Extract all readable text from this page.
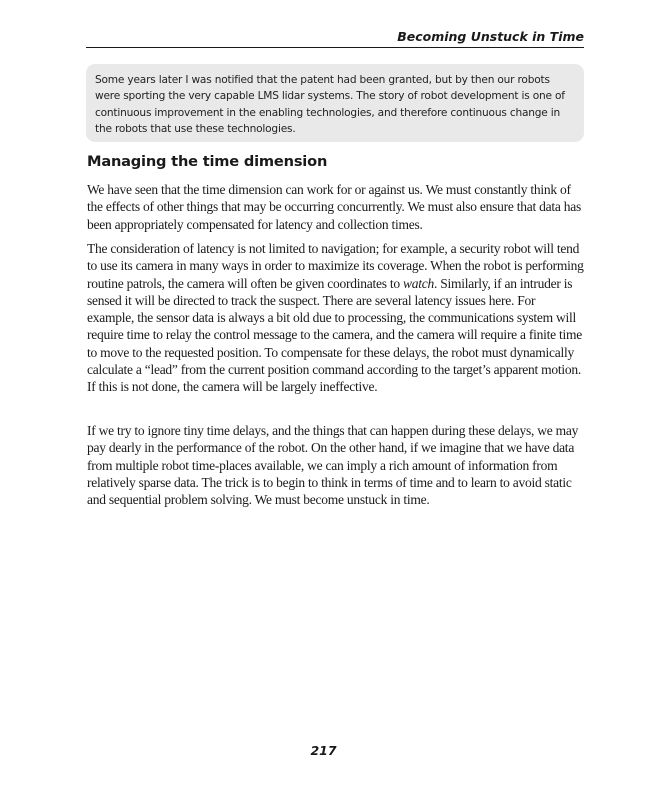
Becoming Unstuck in Time
Some years later I was notified that the patent had been granted, but by then our robots were sporting the very capable LMS lidar systems. The story of robot development is one of continuous improvement in the enabling technologies, and therefore continuous change in the robots that use these technologies.
Managing the time dimension

We have seen that the time dimension can work for or against us. We must constantly think of the effects of other things that may be occurring concurrently. We must also ensure that data has been appropriately compensated for latency and collection times.

The consideration of latency is not limited to navigation; for example, a security robot will tend to use its camera in many ways in order to maximize its coverage. When the robot is performing routine patrols, the camera will often be given coordinates to watch. Similarly, if an intruder is sensed it will be directed to track the suspect. There are several latency issues here. For example, the sensor data is always a bit old due to processing, the communications system will require time to relay the control message to the camera, and the camera will require a finite time to move to the requested position. To compensate for these delays, the robot must dynamically calculate a “lead” from the current position command according to the target’s apparent motion. If this is not done, the camera will be largely ineffective.

If we try to ignore tiny time delays, and the things that can happen during these delays, we may pay dearly in the performance of the robot. On the other hand, if we imagine that we have data from multiple robot time-places available, we can imply a rich amount of information from relatively sparse data. The trick is to begin to think in terms of time and to learn to avoid static and sequential problem solving. We must become unstuck in time.

217
